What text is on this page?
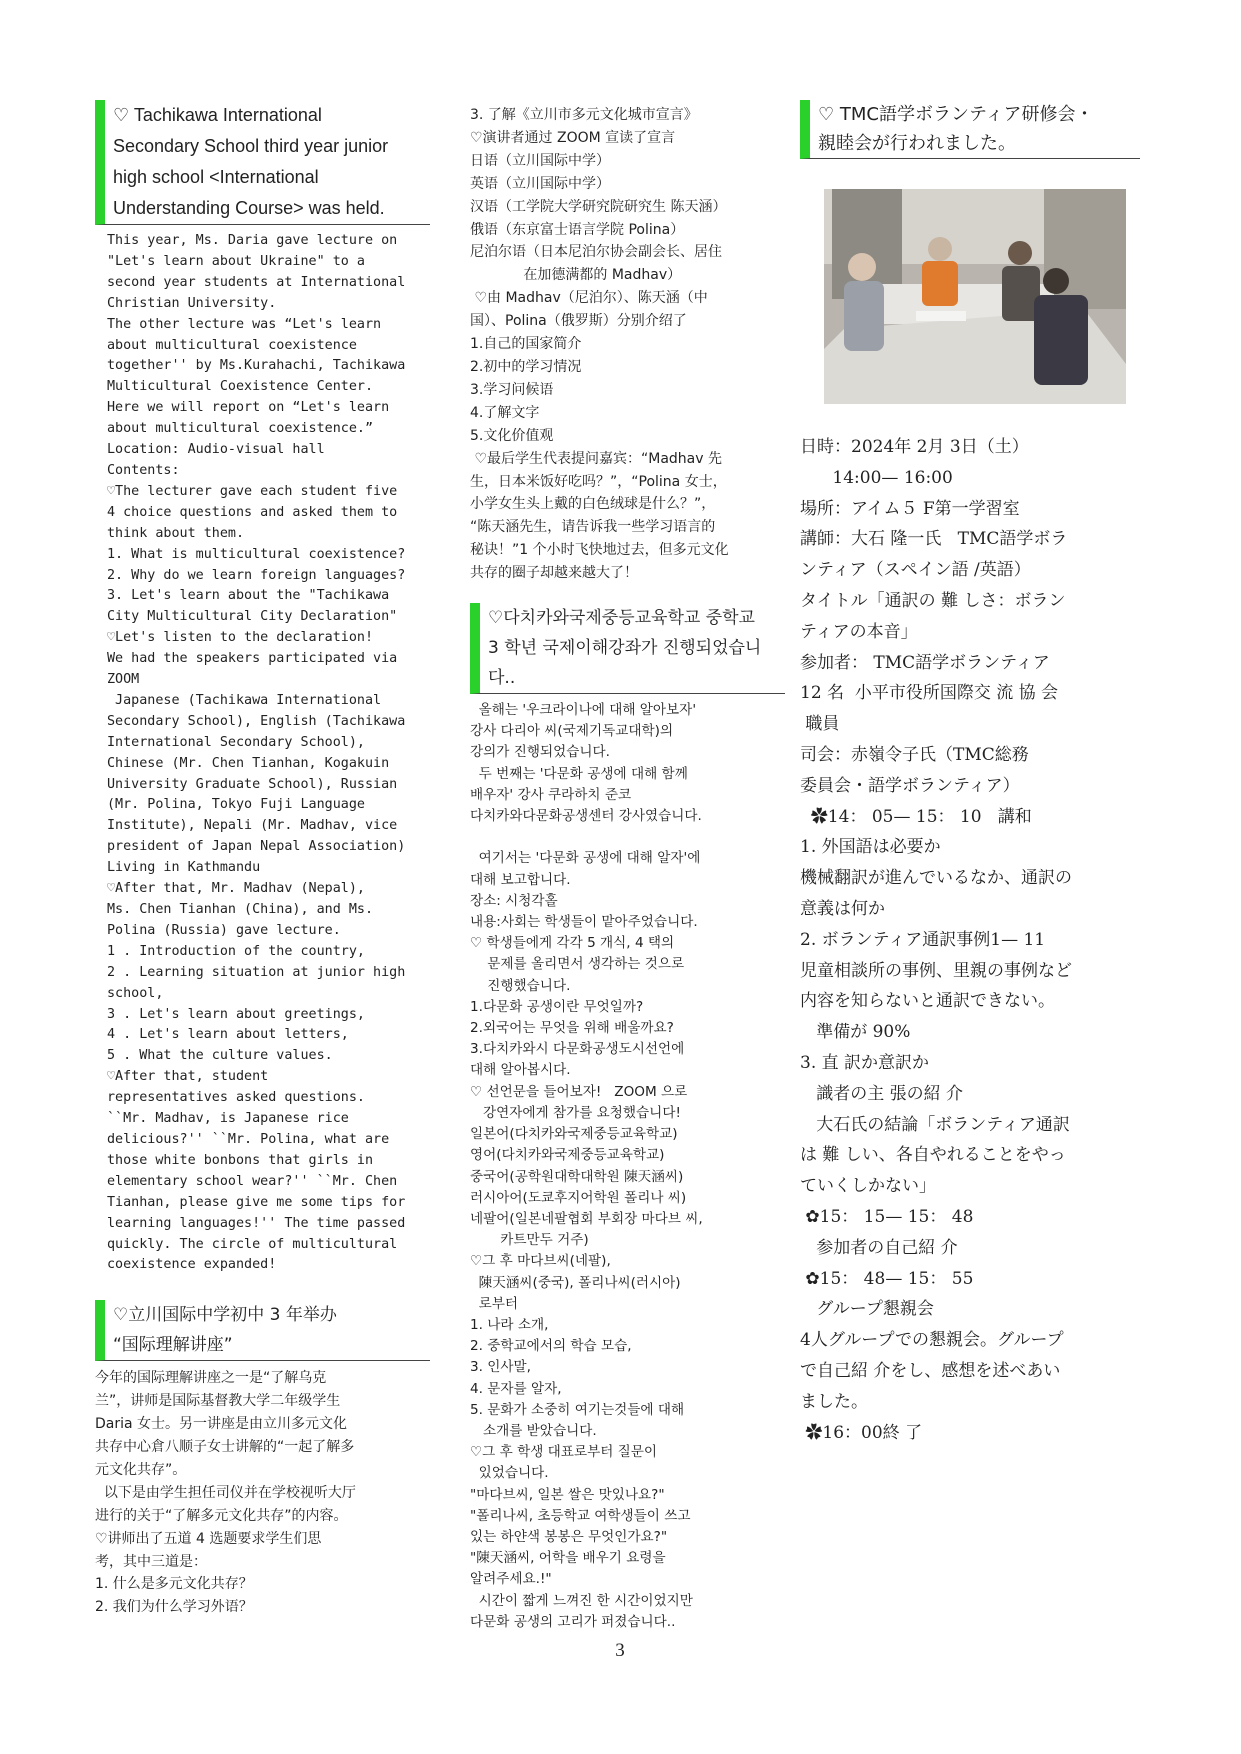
♡ Tachikawa International
Secondary School third year junior
high school <International
Understanding Course> was held.
This year, Ms. Daria gave lecture on
"Let's learn about Ukraine" to a
second year students at International
Christian University.
The other lecture was “Let's learn
about multicultural coexistence
together'' by Ms.Kurahachi, Tachikawa
Multicultural Coexistence Center.
Here we will report on “Let's learn
about multicultural coexistence.”
Location: Audio-visual hall
Contents:
♡The lecturer gave each student five
4 choice questions and asked them to
think about them.
1. What is multicultural coexistence?
2. Why do we learn foreign languages?
3. Let's learn about the "Tachikawa
City Multicultural City Declaration"
♡Let's listen to the declaration!
We had the speakers participated via
ZOOM
Japanese (Tachikawa International
Secondary School), English (Tachikawa
International Secondary School),
Chinese (Mr. Chen Tianhan, Kogakuin
University Graduate School), Russian
(Mr. Polina, Tokyo Fuji Language
Institute), Nepali (Mr. Madhav, vice
president of Japan Nepal Association)
Living in Kathmandu
♡After that, Mr. Madhav (Nepal),
Ms. Chen Tianhan (China), and Ms.
Polina (Russia) gave lecture.
1 . Introduction of the country,
2 . Learning situation at junior high
school,
3 . Let's learn about greetings,
4 . Let's learn about letters,
5 . What the culture values.
♡After that, student
representatives asked questions.
``Mr. Madhav, is Japanese rice
delicious?'' ``Mr. Polina, what are
those white bonbons that girls in
elementary school wear?'' ``Mr. Chen
Tianhan, please give me some tips for
learning languages!'' The time passed
quickly. The circle of multicultural
coexistence expanded!
♡立川国际中学初中 3 年举办
“国际理解讲座”
今年的国际理解讲座之一是“了解乌克
兰”，讲师是国际基督教大学二年级学生
Daria 女士。另一讲座是由立川多元文化
共存中心倉八顺子女士讲解的“一起了解多
元文化共存”。
以下是由学生担任司仪并在学校视听大厅
进行的关于“了解多元文化共存”的内容。
♡讲师出了五道 4 选题要求学生们思
考，其中三道是：
1. 什么是多元文化共存？
2. 我们为什么学习外语？
3. 了解《立川市多元文化城市宣言》
♡演讲者通过 ZOOM 宣读了宣言
日语（立川国际中学）
英语（立川国际中学）
汉语（工学院大学研究院研究生 陈天涵）
俄语（东京富士语言学院 Polina）
尼泊尔语（日本尼泊尔协会副会长、居住
在加德满都的 Madhav）
♡由 Madhav（尼泊尔）、陈天涵（中
国）、Polina（俄罗斯）分别介绍了
1.自己的国家简介
2.初中的学习情况
3.学习问候语
4.了解文字
5.文化价值观
♡最后学生代表提问嘉宾：“Madhav 先
生，日本米饭好吃吗？”，“Polina 女士，
小学女生头上戴的白色绒球是什么？”，
“陈天涵先生，请告诉我一些学习语言的
秘诀！”1 个小时飞快地过去，但多元文化
共存的圈子却越来越大了！
♡다치카와국제중등교육학교 중학교
3 학년 국제이해강좌가 진행되었습니다..
올해는 '우크라이나에 대해 알아보자'
강사 다리아 씨(국제기독교대학)의
강의가 진행되었습니다.
두 번째는 '다문화 공생에 대해 함께
배우자' 강사 쿠라하치 준코
다치카와다문화공생센터 강사였습니다.

여기서는 '다문화 공생에 대해 알자'에
대해 보고합니다.
장소: 시청각홀
내용:사회는 학생들이 맡아주었습니다.
♡ 학생들에게 각각 5 개식, 4 택의
문제를 올리면서 생각하는 것으로
진행했습니다.
1.다문화 공생이란 무엇일까?
2.외국어는 무엇을 위해 배울까요?
3.다치카와시 다문화공생도시선언에
대해 알아봅시다.
♡ 선언문을 들어보자!   ZOOM 으로
강연자에게 참가를 요청했습니다!
일본어(다치카와국제중등교육학교)
영어(다치카와국제중등교육학교)
중국어(공학원대학대학원 陳天涵씨)
러시아어(도쿄후지어학원 폴리나 씨)
네팔어(일본네팔협회 부회장 마다브 씨,
카트만두 거주)
♡그 후 마다브씨(네팔),
陳天涵씨(중국), 폴리나씨(러시아)
로부터
1. 나라 소개,
2. 중학교에서의 학습 모습,
3. 인사말,
4. 문자를 알자,
5. 문화가 소중히 여기는것들에 대해
소개를 받았습니다.
♡그 후 학생 대표로부터 질문이
있었습니다.
"마다브씨, 일본 쌀은 맛있나요?"
"폴리나씨, 초등학교 여학생들이 쓰고
있는 하얀색 봉봉은 무엇인가요?"
"陳天涵씨, 어학을 배우기 요령을
알려주세요.!"
시간이 짧게 느껴진 한 시간이었지만
다문화 공생의 고리가 퍼졌습니다..
♡ TMC語学ボランティア研修会・
親睦会が行われました。
日時：2024年 2月 3日（土）
14:00— 16:00
場所：アイム５ F第一学習室
講師：大石 隆一氏   TMC語学ボラ
ンティア（スペイン語 /英語）
タイトル「通訳の 難 しさ：ボラン
ティアの本音」
参加者： TMC語学ボランティア
12 名  小平市役所国際交 流 協 会
職員
司会：赤嶺令子氏（TMC総務
委員会・語学ボランティア）
✿14： 05— 15： 10   講和
1. 外国語は必要か
機械翻訳が進んでいるなか、通訳の
意義は何か
2. ボランティア通訳事例1— 11
児童相談所の事例、里親の事例など
内容を知らないと通訳できない。
準備が 90%
3. 直 訳か意訳か
識者の主 張の紹 介
大石氏の結論「ボランティア通訳
は 難 しい、各自やれることをやっ
ていくしかない」
✿15： 15— 15： 48
参加者の自己紹 介
✿15： 48— 15： 55
グループ懇親会
4人グループでの懇親会。グループ
で自己紹 介をし、感想を述べあい
ました。
✿16：00終 了
3
